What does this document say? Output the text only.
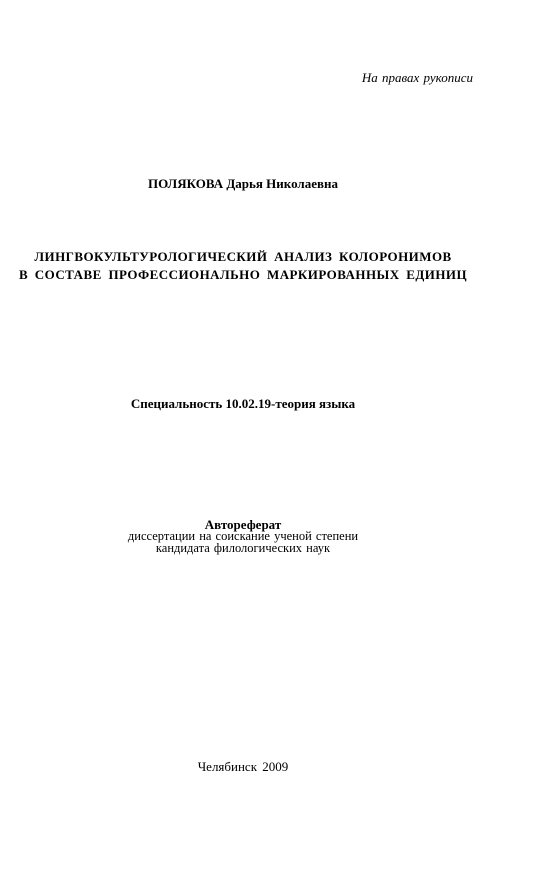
На правах рукописи
ПОЛЯКОВА Дарья Николаевна
ЛИНГВОКУЛЬТУРОЛОГИЧЕСКИЙ АНАЛИЗ КОЛОРОНИМОВ
В СОСТАВЕ ПРОФЕССИОНАЛЬНО МАРКИРОВАННЫХ ЕДИНИЦ
Специальность 10.02.19-теория языка
Автореферат
диссертации на соискание ученой степени
кандидата филологических наук
Челябинск 2009
